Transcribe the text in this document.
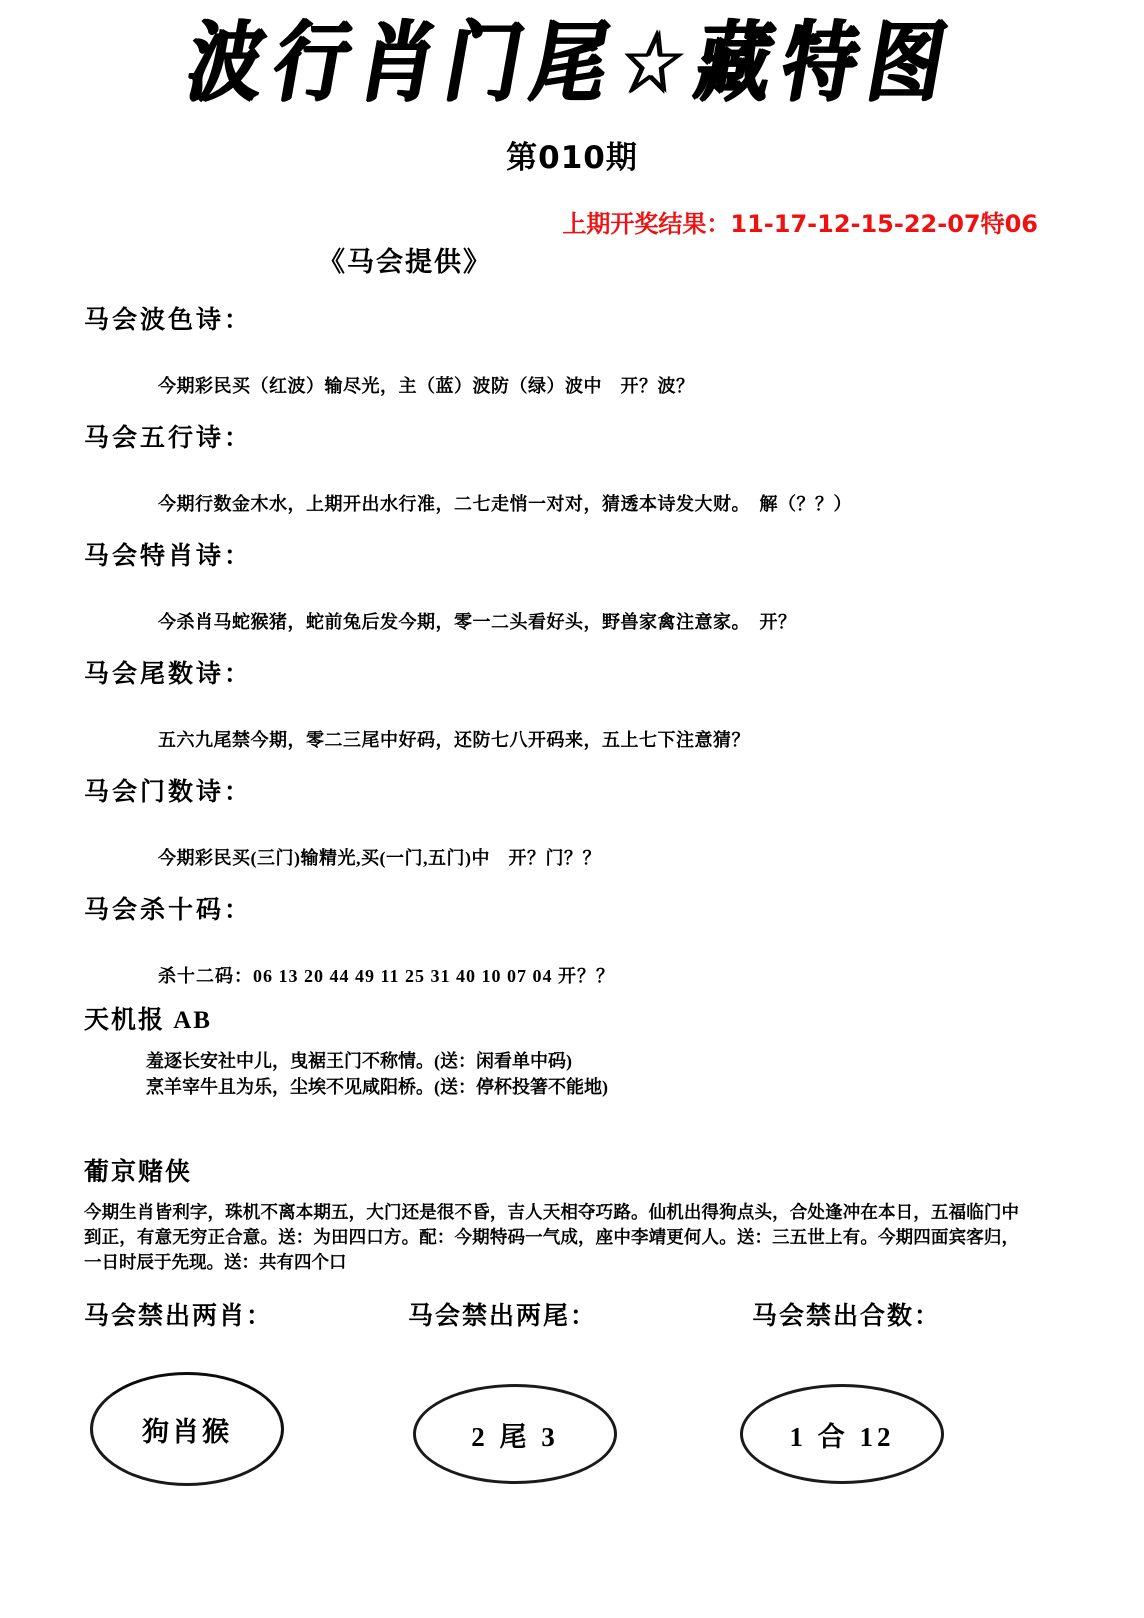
波行肖门尾☆藏特图
第010期
上期开奖结果：11-17-12-15-22-07特06
《马会提供》
马会波色诗：
今期彩民买（红波）输尽光，主（蓝）波防（绿）波中　开？波？
马会五行诗：
今期行数金木水，上期开出水行准，二七走悄一对对，猜透本诗发大财。　解（？？）
马会特肖诗：
今杀肖马蛇猴猪，蛇前兔后发今期，零一二头看好头，野兽家禽注意家。　开？
马会尾数诗：
五六九尾禁今期，零二三尾中好码，还防七八开码来，五上七下注意猜？
马会门数诗：
今期彩民买(三门)输精光,买(一门,五门)中　开？门？？
马会杀十码：
杀十二码：06 13 20 44 49 11 25 31 40 10 07 04 开？？
天机报 AB
羞逐长安社中儿，曳裾王门不称情。(送：闲看单中码)
烹羊宰牛且为乐，尘埃不见咸阳桥。(送：停杯投箸不能地)
葡京赌侠
今期生肖皆利字，珠机不离本期五，大门还是很不昏，吉人天相夺巧路。仙机出得狗点头，合处逢冲在本日，五福临门中到正，有意无穷正合意。送：为田四口方。配：今期特码一气成，座中李靖更何人。送：三五世上有。今期四面宾客归，一日时辰于先现。送：共有四个口
马会禁出两肖：	马会禁出两尾：	马会禁出合数：
狗肖猴	2 尾 3	1 合 12
